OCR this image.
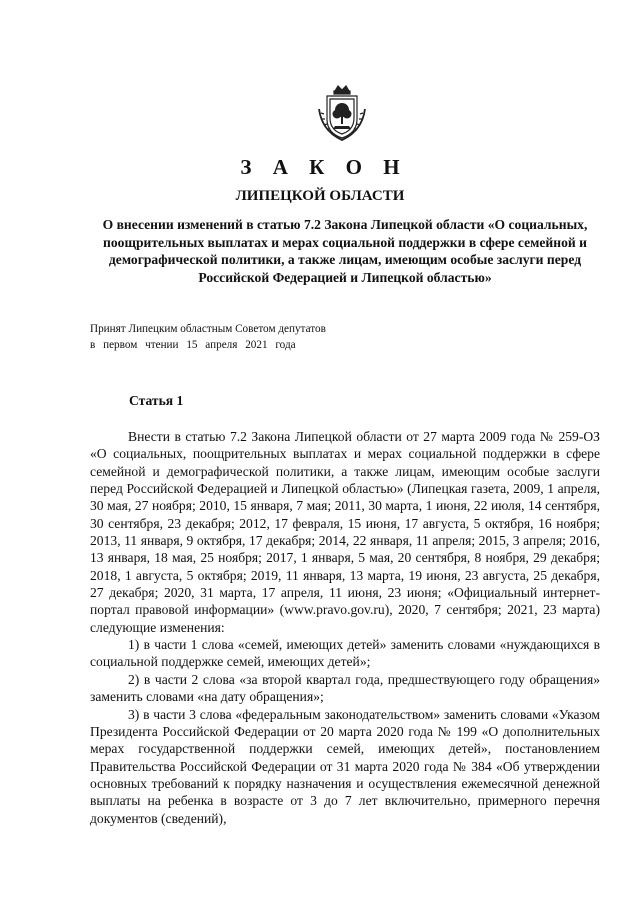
З А К О Н
ЛИПЕЦКОЙ ОБЛАСТИ
О внесении изменений в статью 7.2 Закона Липецкой области «О социальных, поощрительных выплатах и мерах социальной поддержки в сфере семейной и демографической политики, а также лицам, имеющим особые заслуги перед Российской Федерацией и Липецкой областью»
Принят Липецким областным Советом депутатов
в первом чтении 15 апреля 2021 года
Статья 1

Внести в статью 7.2 Закона Липецкой области от 27 марта 2009 года № 259-ОЗ «О социальных, поощрительных выплатах и мерах социальной поддержки в сфере семейной и демографической политики, а также лицам, имеющим особые заслуги перед Российской Федерацией и Липецкой областью» (Липецкая газета, 2009, 1 апреля, 30 мая, 27 ноября; 2010, 15 января, 7 мая; 2011, 30 марта, 1 июня, 22 июля, 14 сентября, 30 сентября, 23 декабря; 2012, 17 февраля, 15 июня, 17 августа, 5 октября, 16 ноября; 2013, 11 января, 9 октября, 17 декабря; 2014, 22 января, 11 апреля; 2015, 3 апреля; 2016, 13 января, 18 мая, 25 ноября; 2017, 1 января, 5 мая, 20 сентября, 8 ноября, 29 декабря; 2018, 1 августа, 5 октября; 2019, 11 января, 13 марта, 19 июня, 23 августа, 25 декабря, 27 декабря; 2020, 31 марта, 17 апреля, 11 июня, 23 июня; «Официальный интернет-портал правовой информации» (www.pravo.gov.ru), 2020, 7 сентября; 2021, 23 марта) следующие изменения:

1) в части 1 слова «семей, имеющих детей» заменить словами «нуждающихся в социальной поддержке семей, имеющих детей»;

2) в части 2 слова «за второй квартал года, предшествующего году обращения» заменить словами «на дату обращения»;

3) в части 3 слова «федеральным законодательством» заменить словами «Указом Президента Российской Федерации от 20 марта 2020 года № 199 «О дополнительных мерах государственной поддержки семей, имеющих детей», постановлением Правительства Российской Федерации от 31 марта 2020 года № 384 «Об утверждении основных требований к порядку назначения и осуществления ежемесячной денежной выплаты на ребенка в возрасте от 3 до 7 лет включительно, примерного перечня документов (сведений),
